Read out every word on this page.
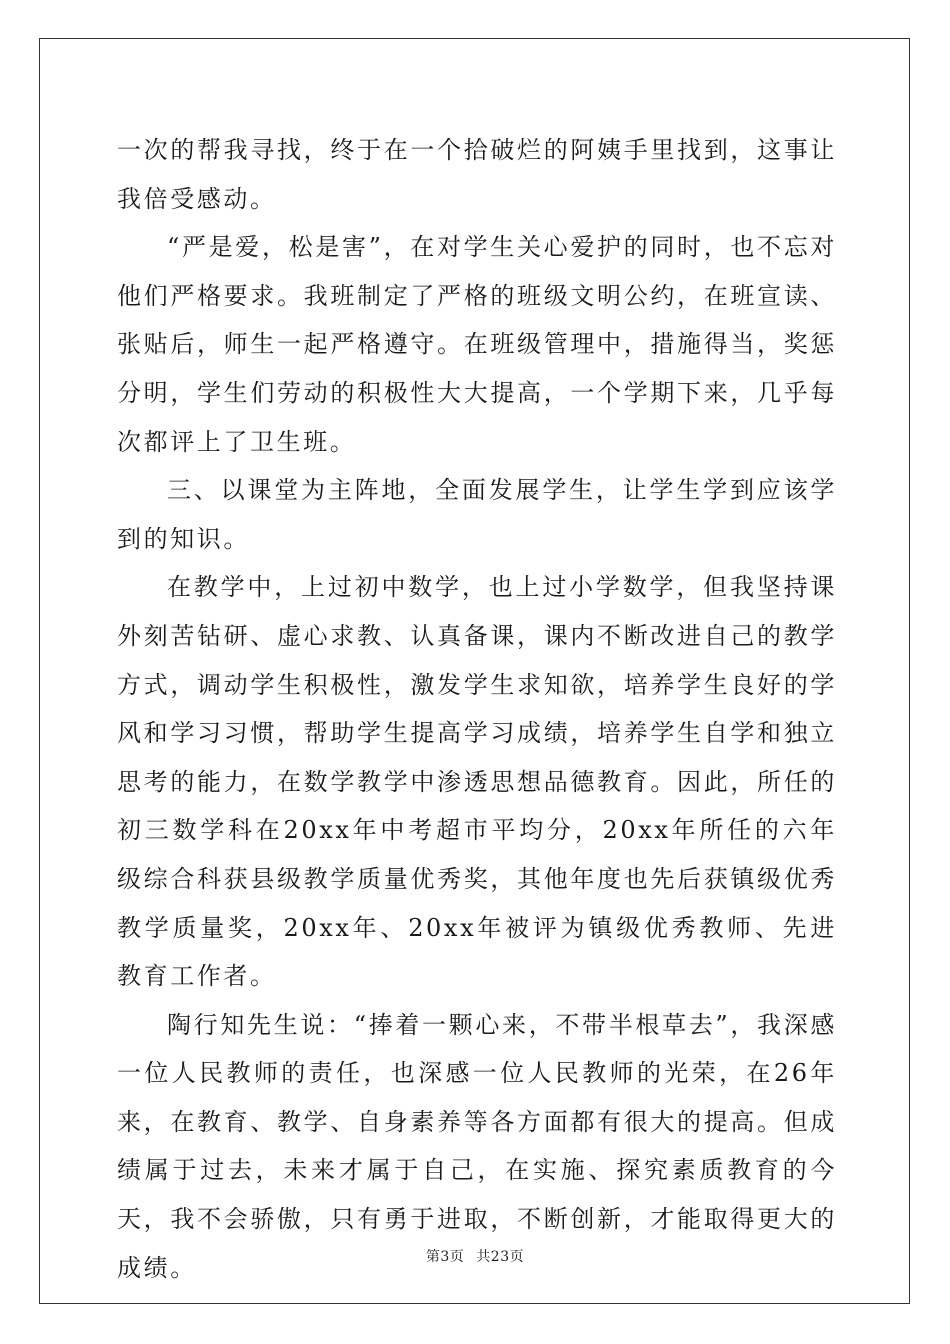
一次的帮我寻找，终于在一个拾破烂的阿姨手里找到，这事让我倍受感动。

“严是爱，松是害”，在对学生关心爱护的同时，也不忘对他们严格要求。我班制定了严格的班级文明公约，在班宣读、张贴后，师生一起严格遵守。在班级管理中，措施得当，奖惩分明，学生们劳动的积极性大大提高，一个学期下来，几乎每次都评上了卫生班。

三、以课堂为主阵地，全面发展学生，让学生学到应该学到的知识。

在教学中，上过初中数学，也上过小学数学，但我坚持课外刻苦钻研、虚心求教、认真备课，课内不断改进自己的教学方式，调动学生积极性，激发学生求知欲，培养学生良好的学风和学习习惯，帮助学生提高学习成绩，培养学生自学和独立思考的能力，在数学教学中渗透思想品德教育。因此，所任的初三数学科在20xx年中考超市平均分，20xx年所任的六年级综合科获县级教学质量优秀奖，其他年度也先后获镇级优秀教学质量奖，20xx年、20xx年被评为镇级优秀教师、先进教育工作者。

陶行知先生说：“捧着一颗心来，不带半根草去”，我深感一位人民教师的责任，也深感一位人民教师的光荣，在26年来，在教育、教学、自身素养等各方面都有很大的提高。但成绩属于过去，未来才属于自己，在实施、探究素质教育的今天，我不会骄傲，只有勇于进取，不断创新，才能取得更大的成绩。	第3页 共23页
